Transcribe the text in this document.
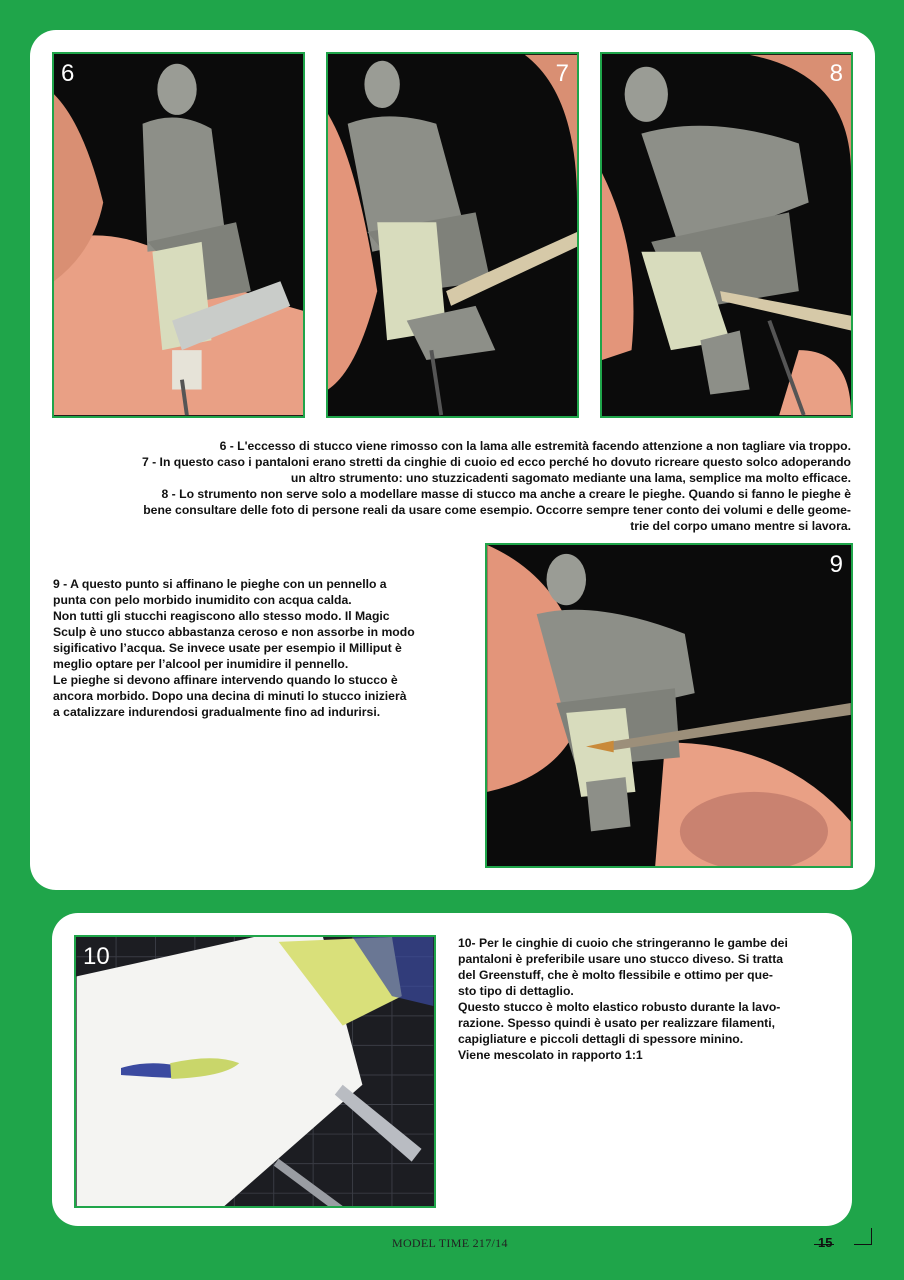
6	7	8

6 - L'eccesso di stucco viene rimosso con la lama alle estremità facendo attenzione a non tagliare via troppo.

7 - In questo caso i pantaloni erano stretti da cinghie di cuoio ed ecco perché ho dovuto ricreare questo solco adoperando

un altro strumento: uno stuzzicadenti sagomato mediante una lama, semplice ma molto efficace.

8 - Lo strumento non serve solo a modellare masse di stucco ma anche a creare le pieghe. Quando si fanno le pieghe è

bene consultare delle foto di persone reali da usare come esempio. Occorre sempre tener conto dei volumi e delle geome-

trie del corpo umano mentre si lavora.

9 - A questo punto si affinano le pieghe con un pennello a

punta con pelo morbido inumidito con acqua calda.

Non tutti gli stucchi reagiscono allo stesso modo. Il Magic

Sculp è uno stucco abbastanza ceroso e non assorbe in modo

sigificativo l’acqua. Se invece usate per esempio il Milliput è

meglio optare per l’alcool per inumidire il pennello.

Le pieghe si devono affinare intervendo quando lo stucco è

ancora morbido. Dopo una decina di minuti lo stucco inizierà

a catalizzare indurendosi gradualmente fino ad indurirsi.

9
10	10- Per le cinghie di cuoio che stringeranno le gambe dei

pantaloni è preferibile usare uno stucco diveso. Si tratta

del Greenstuff, che è molto flessibile e ottimo per que-

sto tipo di dettaglio.

Questo stucco è molto elastico robusto durante la lavo-

razione. Spesso quindi è usato per realizzare filamenti,

capigliature e piccoli dettagli di spessore minino.

Viene mescolato in rapporto 1:1

MODEL TIME 217/14	15
